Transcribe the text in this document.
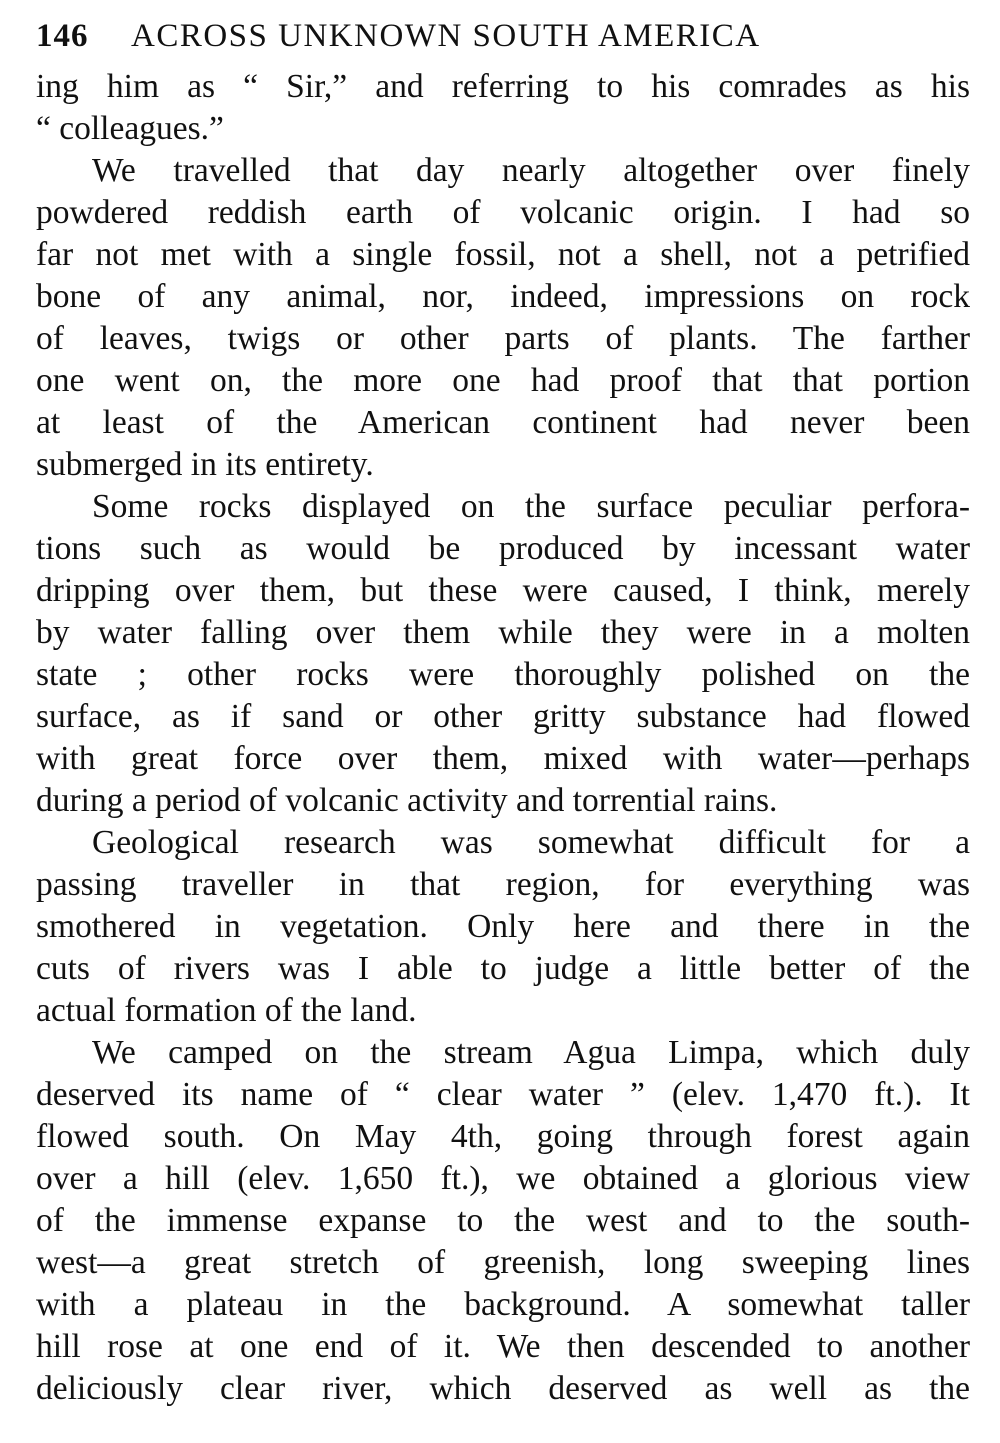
146	ACROSS UNKNOWN SOUTH AMERICA
ing him as “ Sir,” and referring to his comrades as his
“ colleagues.”
We travelled that day nearly altogether over finely
powdered reddish earth of volcanic origin. I had so
far not met with a single fossil, not a shell, not a petrified
bone of any animal, nor, indeed, impressions on rock
of leaves, twigs or other parts of plants. The farther
one went on, the more one had proof that that portion
at least of the American continent had never been
submerged in its entirety.
Some rocks displayed on the surface peculiar perfora-
tions such as would be produced by incessant water
dripping over them, but these were caused, I think, merely
by water falling over them while they were in a molten
state ; other rocks were thoroughly polished on the
surface, as if sand or other gritty substance had flowed
with great force over them, mixed with water—perhaps
during a period of volcanic activity and torrential rains.
Geological research was somewhat difficult for a
passing traveller in that region, for everything was
smothered in vegetation. Only here and there in the
cuts of rivers was I able to judge a little better of the
actual formation of the land.
We camped on the stream Agua Limpa, which duly
deserved its name of “ clear water ” (elev. 1,470 ft.). It
flowed south. On May 4th, going through forest again
over a hill (elev. 1,650 ft.), we obtained a glorious view
of the immense expanse to the west and to the south-
west—a great stretch of greenish, long sweeping lines
with a plateau in the background. A somewhat taller
hill rose at one end of it. We then descended to another
deliciously clear river, which deserved as well as the
